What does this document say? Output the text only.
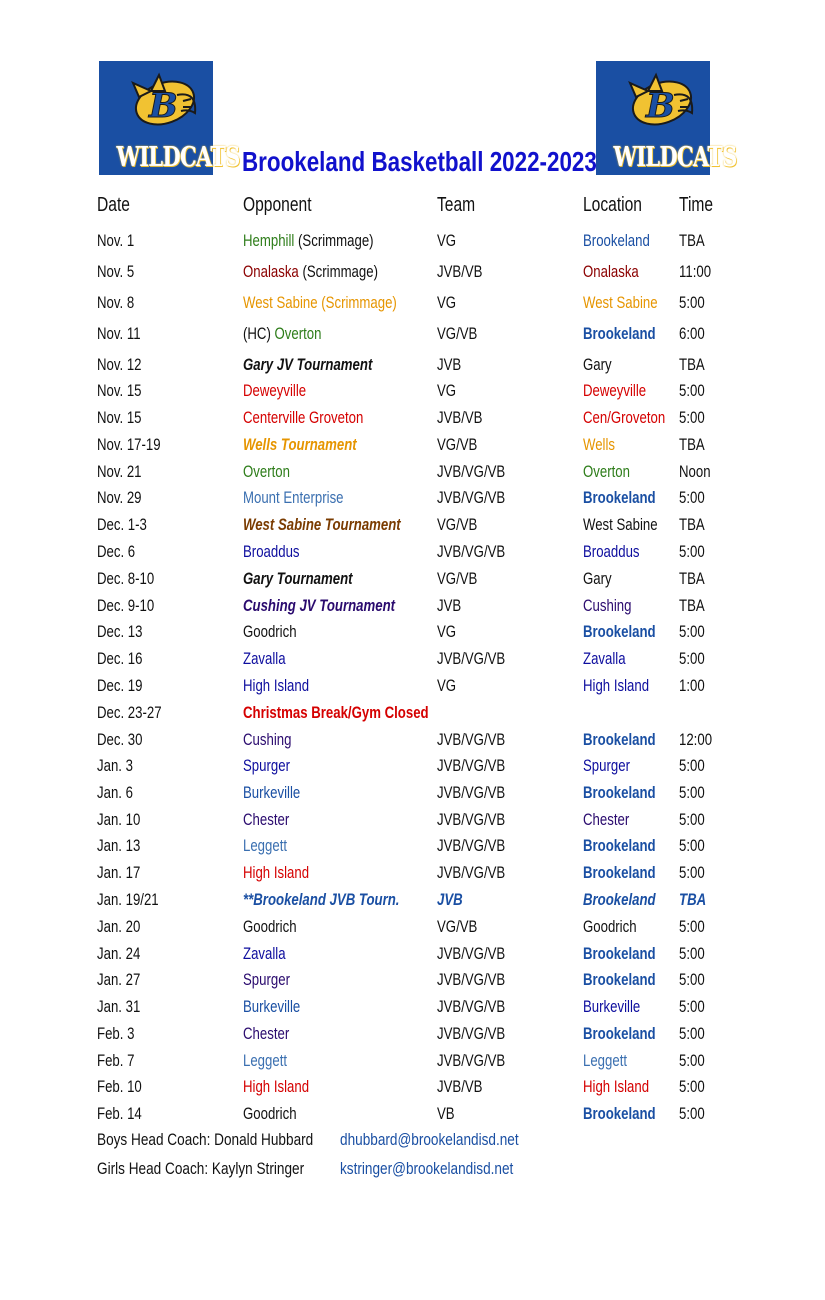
B
WILDCATS
B
WILDCATS
Brookeland Basketball 2022-2023
Date	Opponent	Team	Location	Time
Nov. 1	Hemphill (Scrimmage)	VG	Brookeland	TBA
Nov. 5	Onalaska (Scrimmage)	JVB/VB	Onalaska	11:00
Nov. 8	West Sabine (Scrimmage)	VG	West Sabine	5:00
Nov. 11	(HC) Overton	VG/VB	Brookeland	6:00
Nov. 12	Gary JV Tournament	JVB	Gary	TBA
Nov. 15	Deweyville	VG	Deweyville	5:00
Nov. 15	Centerville Groveton	JVB/VB	Cen/Groveton 5:00
Nov. 17-19	Wells Tournament	VG/VB	Wells	TBA
Nov. 21	Overton	JVB/VG/VB	Overton	Noon
Nov. 29	Mount Enterprise	JVB/VG/VB	Brookeland	5:00
Dec. 1-3	West Sabine Tournament	VG/VB	West Sabine	TBA
Dec. 6	Broaddus	JVB/VG/VB	Broaddus	5:00
Dec. 8-10	Gary Tournament	VG/VB	Gary	TBA
Dec. 9-10	Cushing JV Tournament	JVB	Cushing	TBA
Dec. 13	Goodrich	VG	Brookeland	5:00
Dec. 16	Zavalla	JVB/VG/VB	Zavalla	5:00
Dec. 19	High Island	VG	High Island	1:00
Dec. 23-27	Christmas Break/Gym Closed
Dec. 30	Cushing	JVB/VG/VB	Brookeland	12:00
Jan. 3	Spurger	JVB/VG/VB	Spurger	5:00
Jan. 6	Burkeville	JVB/VG/VB	Brookeland	5:00
Jan. 10	Chester	JVB/VG/VB	Chester	5:00
Jan. 13	Leggett	JVB/VG/VB	Brookeland	5:00
Jan. 17	High Island	JVB/VG/VB	Brookeland	5:00
Jan. 19/21	**Brookeland JVB Tourn.	JVB	Brookeland	TBA
Jan. 20	Goodrich	VG/VB	Goodrich	5:00
Jan. 24	Zavalla	JVB/VG/VB	Brookeland	5:00
Jan. 27	Spurger	JVB/VG/VB	Brookeland	5:00
Jan. 31	Burkeville	JVB/VG/VB	Burkeville	5:00
Feb. 3	Chester	JVB/VG/VB	Brookeland	5:00
Feb. 7	Leggett	JVB/VG/VB	Leggett	5:00
Feb. 10	High Island	JVB/VB	High Island	5:00
Feb. 14	Goodrich	VB	Brookeland	5:00
Boys Head Coach: Donald Hubbard	dhubbard@brookelandisd.net
Girls Head Coach: Kaylyn Stringer	kstringer@brookelandisd.net
